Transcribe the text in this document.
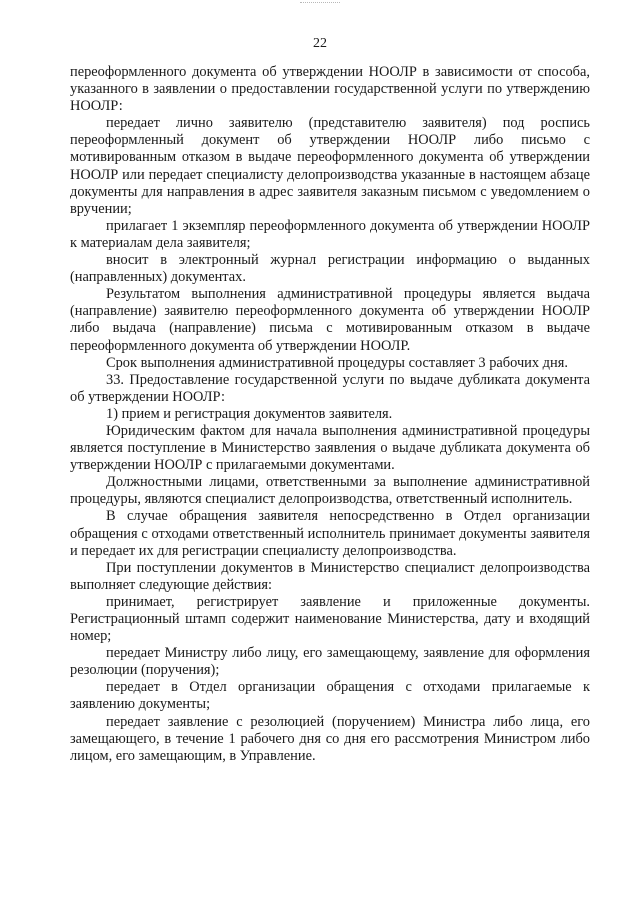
22

переоформленного документа об утверждении НООЛР в зависимости от способа, указанного в заявлении о предоставлении государственной услуги по утверждению НООЛР:

передает лично заявителю (представителю заявителя) под роспись переоформленный документ об утверждении НООЛР либо письмо с мотивированным отказом в выдаче переоформленного документа об утверждении НООЛР или передает специалисту делопроизводства указанные в настоящем абзаце документы для направления в адрес заявителя заказным письмом с уведомлением о вручении;

прилагает 1 экземпляр переоформленного документа об утверждении НООЛР к материалам дела заявителя;

вносит в электронный журнал регистрации информацию о выданных (направленных) документах.

Результатом выполнения административной процедуры является выдача (направление) заявителю переоформленного документа об утверждении НООЛР либо выдача (направление) письма с мотивированным отказом в выдаче переоформленного документа об утверждении НООЛР.

Срок выполнения административной процедуры составляет 3 рабочих дня.

33. Предоставление государственной услуги по выдаче дубликата документа об утверждении НООЛР:

1) прием и регистрация документов заявителя.

Юридическим фактом для начала выполнения административной процедуры является поступление в Министерство заявления о выдаче дубликата документа об утверждении НООЛР с прилагаемыми документами.

Должностными лицами, ответственными за выполнение административной процедуры, являются специалист делопроизводства, ответственный исполнитель.

В случае обращения заявителя непосредственно в Отдел организации обращения с отходами ответственный исполнитель принимает документы заявителя и передает их для регистрации специалисту делопроизводства.

При поступлении документов в Министерство специалист делопроизводства выполняет следующие действия:

принимает, регистрирует заявление и приложенные документы. Регистрационный штамп содержит наименование Министерства, дату и входящий номер;

передает Министру либо лицу, его замещающему, заявление для оформления резолюции (поручения);

передает в Отдел организации обращения с отходами прилагаемые к заявлению документы;

передает заявление с резолюцией (поручением) Министра либо лица, его замещающего, в течение 1 рабочего дня со дня его рассмотрения Министром либо лицом, его замещающим, в Управление.
